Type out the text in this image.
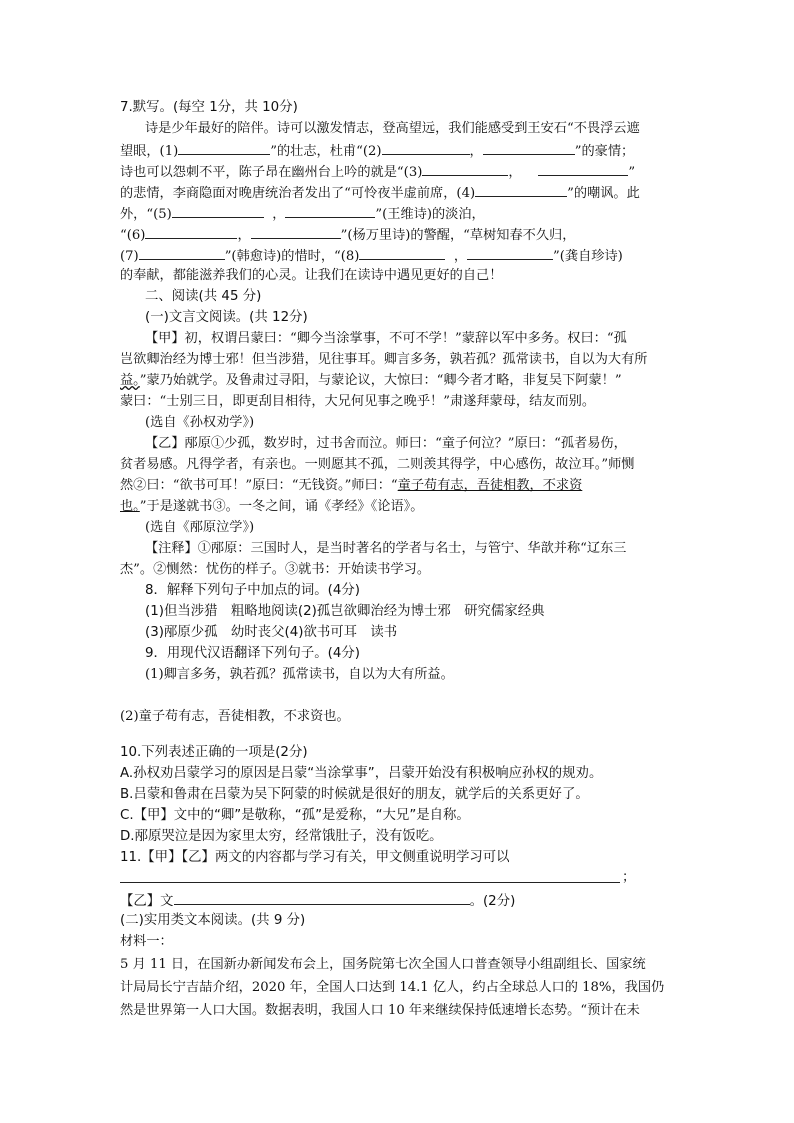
7.默写。(每空 1分，共 10分)
诗是少年最好的陪伴。诗可以激发情志，登高望远，我们能感受到王安石“不畏浮云遮
望眼，(1)	”的壮志，杜甫“(2)	，	”的豪情；
诗也可以怨刺不平，陈子昂在幽州台上吟的就是“(3)	，	”
的悲情，李商隐面对晚唐统治者发出了“可怜夜半虚前席，(4)	”的嘲讽。此
外，“(5)	，	”(王维诗)的淡泊，
“(6)	，	”(杨万里诗)的警醒，“草树知春不久归，
(7)	”(韩愈诗)的惜时，“(8)	，	”(龚自珍诗)
的奉献，都能滋养我们的心灵。让我们在读诗中遇见更好的自己！
二、阅读(共 45 分)
(一)文言文阅读。(共 12分)
【甲】初，权谓吕蒙曰：“卿今当涂掌事，不可不学！”蒙辞以军中多务。权曰：“孤
岂欲卿治经为博士邪！但当涉猎，见往事耳。卿言多务，孰若孤？孤常读书，自以为大有所
益。”蒙乃始就学。及鲁肃过寻阳，与蒙论议，大惊曰：“卿今者才略，非复吴下阿蒙！”
蒙曰：“士别三日，即更刮目相待，大兄何见事之晚乎！”肃遂拜蒙母，结友而别。
(选自《孙权劝学》)
【乙】邴原①少孤，数岁时，过书舍而泣。师曰：“童子何泣？”原曰：“孤者易伤，
贫者易感。凡得学者，有亲也。一则愿其不孤，二则羡其得学，中心感伤，故泣耳。”师恻
然②曰：“欲书可耳！”原曰：“无钱资。”师曰：“童子苟有志，吾徒相教，不求资
也。”于是遂就书③。一冬之间，诵《孝经》《论语》。
(选自《邴原泣学》)
【注释】①邴原：三国时人，是当时著名的学者与名士，与管宁、华歆并称“辽东三
杰”。②恻然：忧伤的样子。③就书：开始读书学习。
8．解释下列句子中加点的词。(4分)
(1)但当涉猎　粗略地阅读(2)孤岂欲卿治经为博士邪　研究儒家经典
(3)邴原少孤　幼时丧父(4)欲书可耳　读书
9．用现代汉语翻译下列句子。(4分)
(1)卿言多务，孰若孤？孤常读书，自以为大有所益。
(2)童子苟有志，吾徒相教，不求资也。
10.下列表述正确的一项是(2分)
A.孙权劝吕蒙学习的原因是吕蒙“当涂掌事”，吕蒙开始没有积极响应孙权的规劝。
B.吕蒙和鲁肃在吕蒙为吴下阿蒙的时候就是很好的朋友，就学后的关系更好了。
C.【甲】文中的“卿”是敬称，“孤”是爱称，“大兄”是自称。
D.邴原哭泣是因为家里太穷，经常饿肚子，没有饭吃。
11.【甲】【乙】两文的内容都与学习有关，甲文侧重说明学习可以
；
【乙】文	。(2分)
(二)实用类文本阅读。(共 9 分)
材料一：
5 月 11 日，在国新办新闻发布会上，国务院第七次全国人口普查领导小组副组长、国家统
计局局长宁吉喆介绍，2020 年，全国人口达到 14.1 亿人，约占全球总人口的 18%，我国仍
然是世界第一人口大国。数据表明，我国人口 10 年来继续保持低速增长态势。“预计在未
